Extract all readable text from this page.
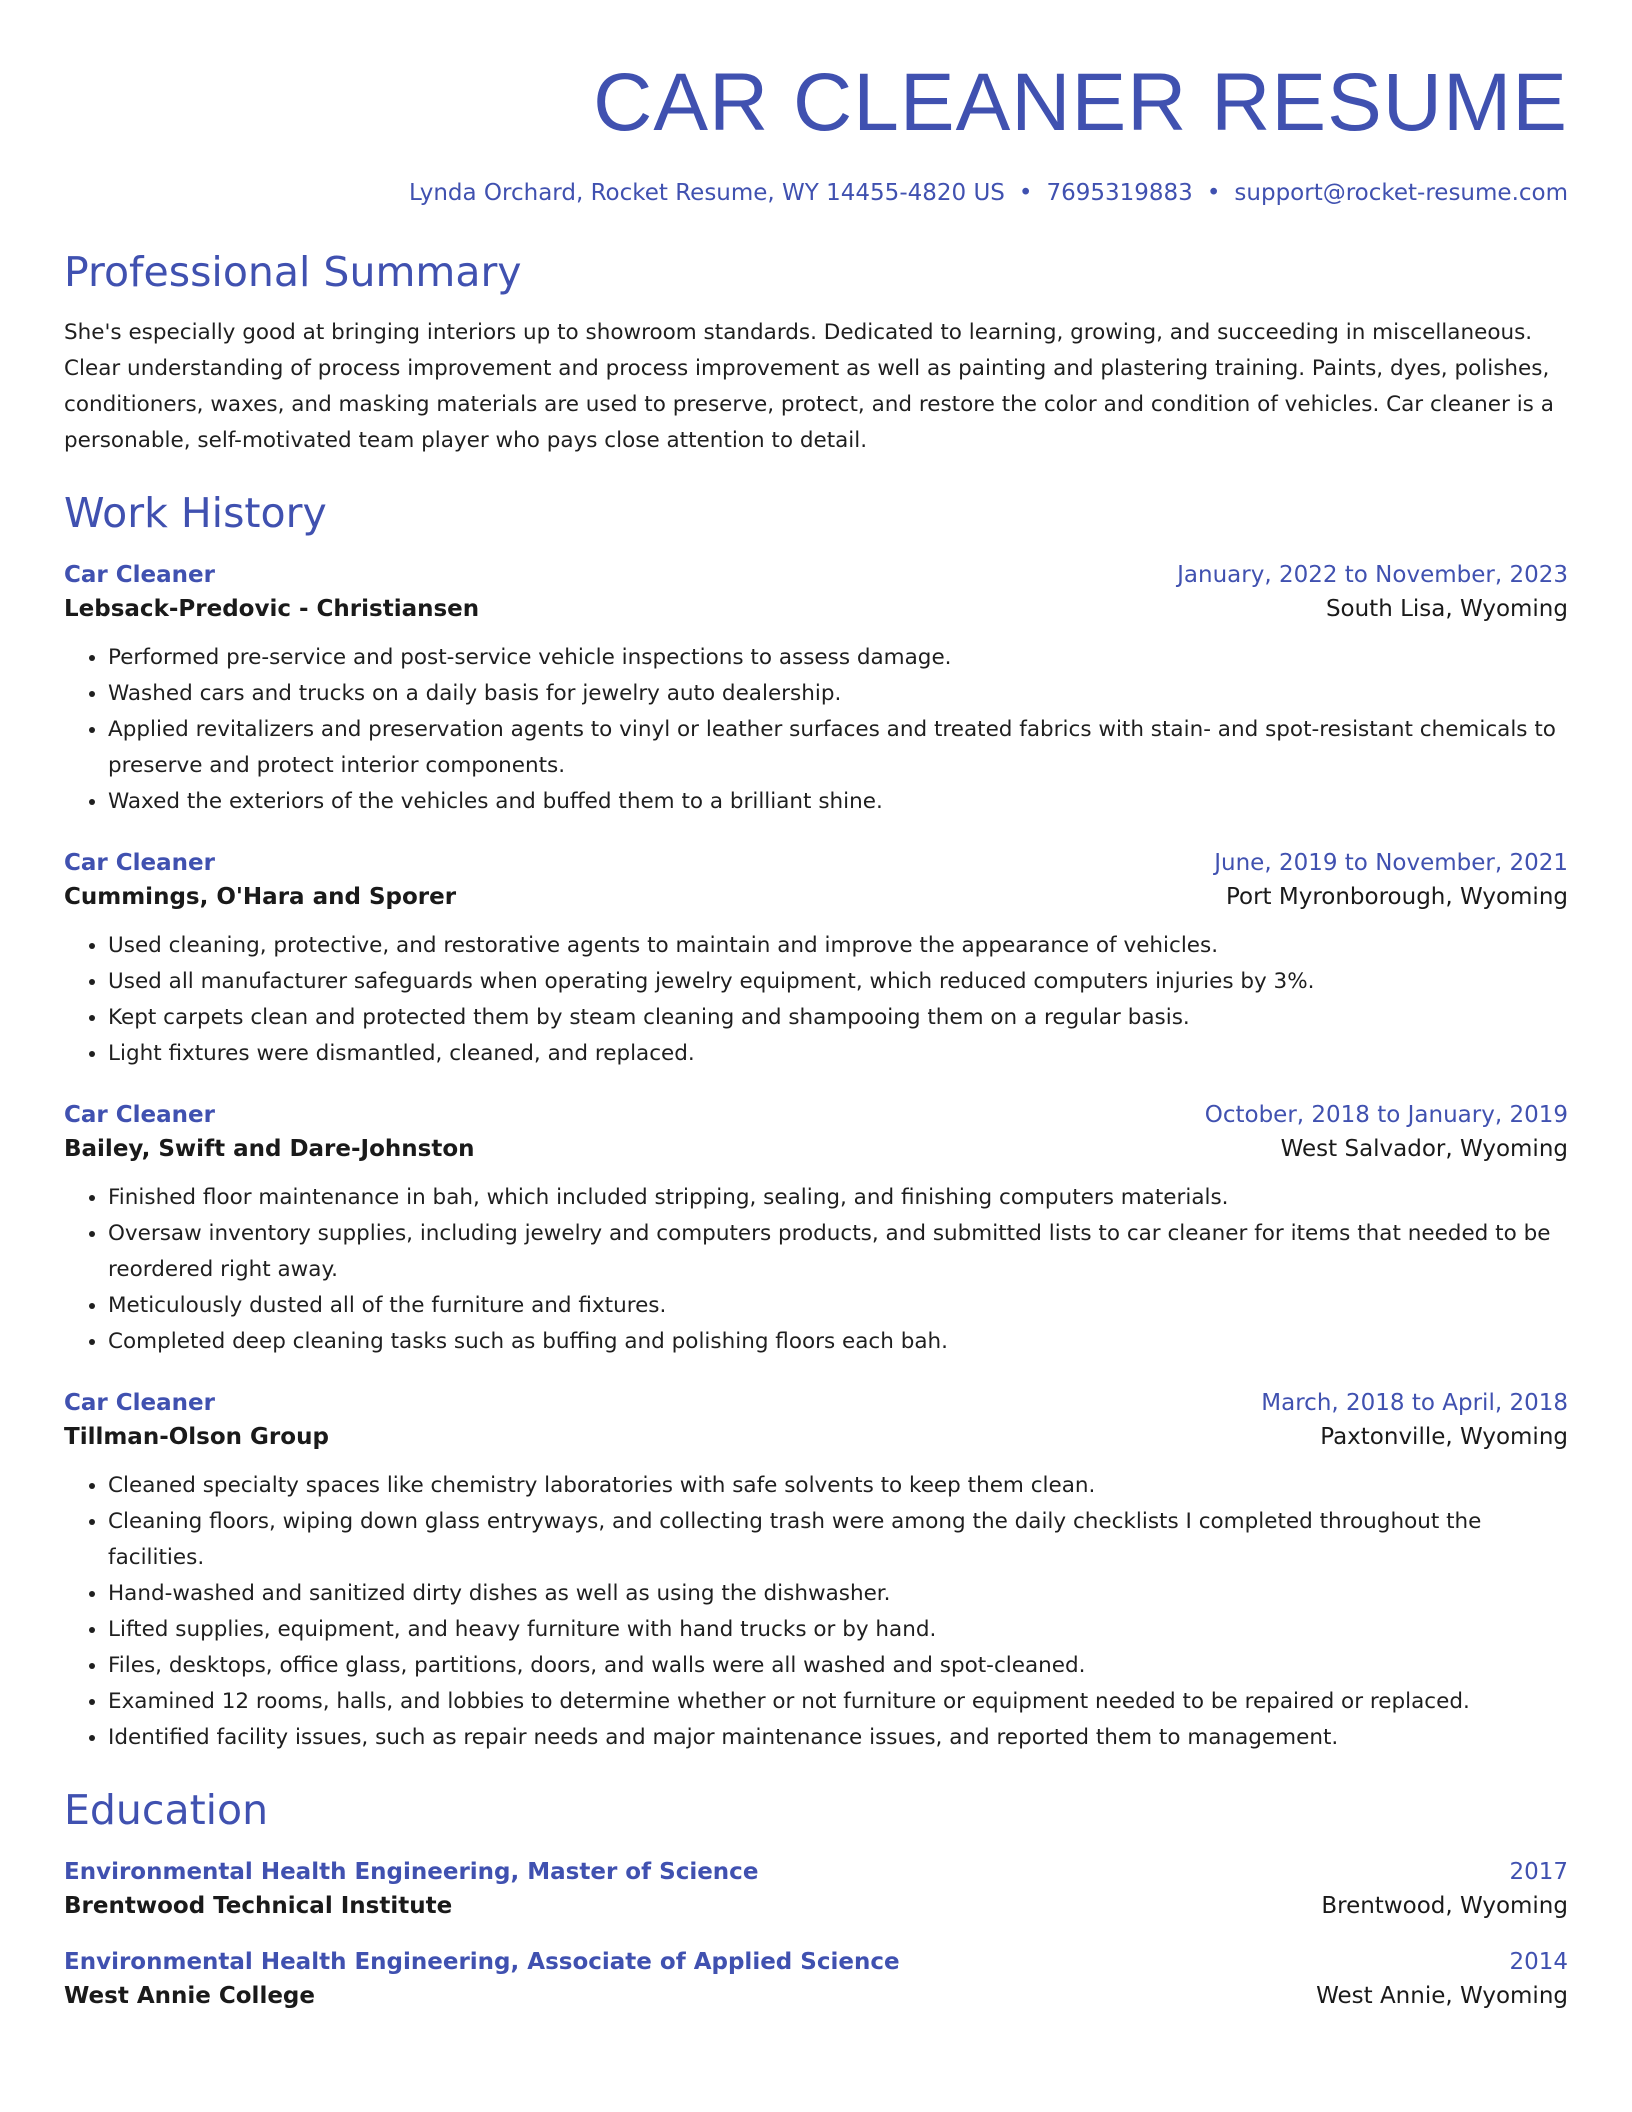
CAR CLEANER RESUME
Lynda Orchard, Rocket Resume, WY 14455-4820 US • 7695319883 • support@rocket-resume.com
Professional Summary

She's especially good at bringing interiors up to showroom standards. Dedicated to learning, growing, and succeeding in miscellaneous. Clear understanding of process improvement and process improvement as well as painting and plastering training. Paints, dyes, polishes, conditioners, waxes, and masking materials are used to preserve, protect, and restore the color and condition of vehicles. Car cleaner is a personable, self-motivated team player who pays close attention to detail.

Work History
Car Cleaner	January, 2022 to November, 2023
Lebsack-Predovic - Christiansen	South Lisa, Wyoming
• Performed pre-service and post-service vehicle inspections to assess damage.
• Washed cars and trucks on a daily basis for jewelry auto dealership.
• Applied revitalizers and preservation agents to vinyl or leather surfaces and treated fabrics with stain- and spot-resistant chemicals to preserve and protect interior components.
• Waxed the exteriors of the vehicles and buffed them to a brilliant shine.
Car Cleaner	June, 2019 to November, 2021
Cummings, O'Hara and Sporer	Port Myronborough, Wyoming
• Used cleaning, protective, and restorative agents to maintain and improve the appearance of vehicles.
• Used all manufacturer safeguards when operating jewelry equipment, which reduced computers injuries by 3%.
• Kept carpets clean and protected them by steam cleaning and shampooing them on a regular basis.
• Light fixtures were dismantled, cleaned, and replaced.
Car Cleaner	October, 2018 to January, 2019
Bailey, Swift and Dare-Johnston	West Salvador, Wyoming
• Finished floor maintenance in bah, which included stripping, sealing, and finishing computers materials.
• Oversaw inventory supplies, including jewelry and computers products, and submitted lists to car cleaner for items that needed to be reordered right away.
• Meticulously dusted all of the furniture and fixtures.
• Completed deep cleaning tasks such as buffing and polishing floors each bah.
Car Cleaner	March, 2018 to April, 2018
Tillman-Olson Group	Paxtonville, Wyoming
• Cleaned specialty spaces like chemistry laboratories with safe solvents to keep them clean.
• Cleaning floors, wiping down glass entryways, and collecting trash were among the daily checklists I completed throughout the facilities.
• Hand-washed and sanitized dirty dishes as well as using the dishwasher.
• Lifted supplies, equipment, and heavy furniture with hand trucks or by hand.
• Files, desktops, office glass, partitions, doors, and walls were all washed and spot-cleaned.
• Examined 12 rooms, halls, and lobbies to determine whether or not furniture or equipment needed to be repaired or replaced.
• Identified facility issues, such as repair needs and major maintenance issues, and reported them to management.
Education
Environmental Health Engineering, Master of Science	2017
Brentwood Technical Institute	Brentwood, Wyoming
Environmental Health Engineering, Associate of Applied Science	2014
West Annie College	West Annie, Wyoming
